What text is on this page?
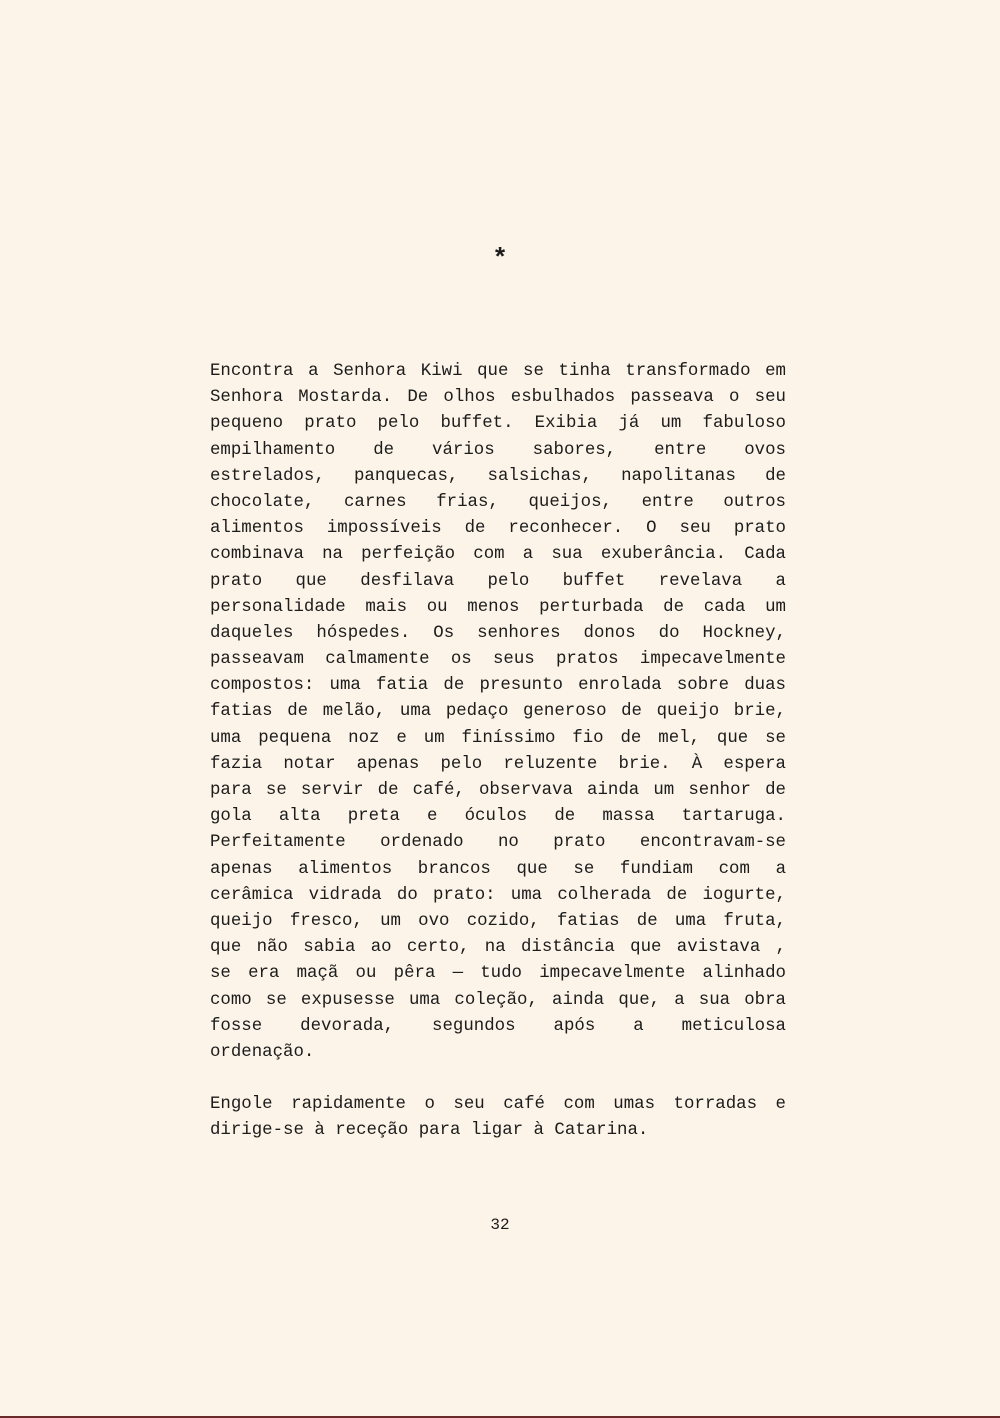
*
Encontra a Senhora Kiwi que se tinha transformado em
Senhora Mostarda. De olhos esbulhados passeava o seu
pequeno prato pelo buffet. Exibia já um fabuloso
empilhamento de vários sabores, entre ovos
estrelados, panquecas, salsichas, napolitanas de
chocolate, carnes frias, queijos, entre outros
alimentos impossíveis de reconhecer. O seu prato
combinava na perfeição com a sua exuberância. Cada
prato que desfilava pelo buffet revelava a
personalidade mais ou menos perturbada de cada um
daqueles hóspedes. Os senhores donos do Hockney,
passeavam calmamente os seus pratos impecavelmente
compostos: uma fatia de presunto enrolada sobre duas
fatias de melão, uma pedaço generoso de queijo brie,
uma pequena noz e um finíssimo fio de mel, que se
fazia notar apenas pelo reluzente brie. À espera
para se servir de café, observava ainda um senhor de
gola alta preta e óculos de massa tartaruga.
Perfeitamente ordenado no prato encontravam-se
apenas alimentos brancos que se fundiam com a
cerâmica vidrada do prato: uma colherada de iogurte,
queijo fresco, um ovo cozido, fatias de uma fruta,
que não sabia ao certo, na distância que avistava ,
se era maçã ou pêra — tudo impecavelmente alinhado
como se expusesse uma coleção, ainda que, a sua obra
fosse devorada, segundos após a meticulosa
ordenação.
Engole rapidamente o seu café com umas torradas e
dirige-se à receção para ligar à Catarina.
32
